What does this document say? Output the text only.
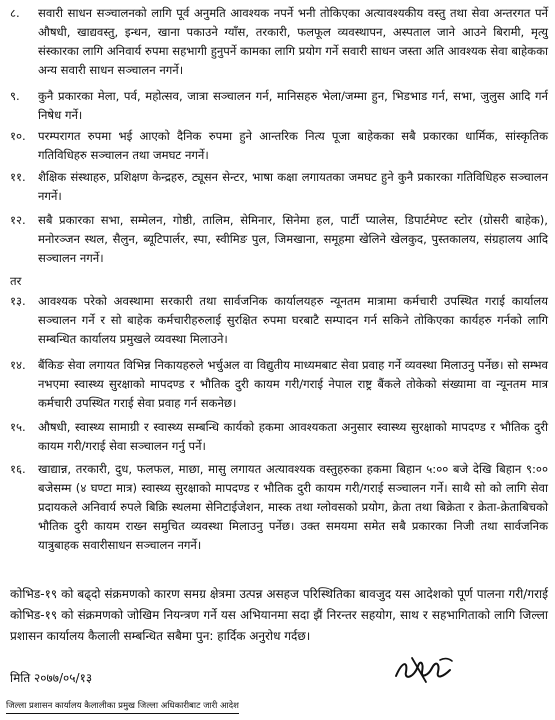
८.	सवारी साधन सञ्चालनको लागि पूर्व अनुमति आवश्यक नपर्ने भनी तोकिएका अत्यावश्यकीय वस्तु तथा सेवा अन्तरगत पर्ने औषधी, खाद्यवस्तु, इन्धन, खाना पकाउने ग्याँस, तरकारी, फलफूल व्यवस्थापन, अस्पताल जाने आउने बिरामी, मृत्यु संस्कारका लागि अनिवार्य रुपमा सहभागी हुनुपर्ने कामका लागि प्रयोग गर्ने सवारी साधन जस्ता अति आवश्यक सेवा बाहेकका अन्य सवारी साधन सञ्चालन नगर्ने।
९.	कुनै प्रकारका मेला, पर्व, महोत्सव, जात्रा सञ्चालन गर्न, मानिसहरु भेला/जम्मा हुन, भिडभाड गर्न, सभा, जुलुस आदि गर्न निषेध गर्ने।
१०.	परम्परागत रुपमा भई आएको दैनिक रुपमा हुने आन्तरिक नित्य पूजा बाहेकका सबै प्रकारका धार्मिक, सांस्कृतिक गतिविधिहरु सञ्चालन तथा जमघट नगर्ने।
११.	शैक्षिक संस्थाहरु, प्रशिक्षण केन्द्रहरु, ट्यूसन सेन्टर, भाषा कक्षा लगायतका जमघट हुने कुनै प्रकारका गतिविधिहरु सञ्चालन नगर्ने।
१२.	सबै प्रकारका सभा, सम्मेलन, गोष्ठी, तालिम, सेमिनार, सिनेमा हल, पार्टी प्यालेस, डिपार्टमेण्ट स्टोर (ग्रोसरी बाहेक), मनोरञ्जन स्थल, सैलुन, ब्यूटिपार्लर, स्पा, स्वीमिङ पुल, जिमखाना, समूहमा खेलिने खेलकुद, पुस्तकालय, संग्रहालय आदि सञ्चालन नगर्ने।
तर
१३.	आवश्यक परेको अवस्थामा सरकारी तथा सार्वजनिक कार्यालयहरु न्यूनतम मात्रामा कर्मचारी उपस्थित गराई कार्यालय सञ्चालन गर्ने र सो बाहेक कर्मचारीहरुलाई सुरक्षित रुपमा घरबाटै सम्पादन गर्न सकिने तोकिएका कार्यहरु गर्नको लागि सम्बन्धित कार्यालय प्रमुखले व्यवस्था मिलाउने।
१४.	बैंकिङ सेवा लगायत विभिन्न निकायहरुले भर्चुअल वा विद्युतीय माध्यमबाट सेवा प्रवाह गर्ने व्यवस्था मिलाउनु पर्नेछ। सो सम्भव नभएमा स्वास्थ्य सुरक्षाको मापदण्ड र भौतिक दुरी कायम गरी/गराई नेपाल राष्ट्र बैंकले तोकेको संख्यामा वा न्यूनतम मात्र कर्मचारी उपस्थित गराई सेवा प्रवाह गर्न सकनेछ।
१५.	औषधी, स्वास्थ्य सामाग्री र स्वास्थ्य सम्बन्धि कार्यको हकमा आवश्यकता अनुसार स्वास्थ्य सुरक्षाको मापदण्ड र भौतिक दुरी कायम गरी/गराई सेवा सञ्चालन गर्नु पर्ने।
१६.	खाद्यान्न, तरकारी, दुध, फलफल, माछा, मासु लगायत अत्यावश्यक वस्तुहरुका हकमा बिहान ५:०० बजे देखि बिहान ९:०० बजेसम्म (४ घण्टा मात्र) स्वास्थ्य सुरक्षाको मापदण्ड र भौतिक दुरी कायम गरी/गराई सञ्चालन गर्ने। साथै सो को लागि सेवा प्रदायकले अनिवार्य रुपले बिक्रि स्थलमा सेनिटाईजेशन, मास्क तथा ग्लोवसको प्रयोग, क्रेता तथा बिक्रेता र क्रेता-क्रेताबिचको भौतिक दुरी कायम राख्न समुचित व्यवस्था मिलाउनु पर्नेछ। उक्त समयमा समेत सबै प्रकारका निजी तथा सार्वजनिक यात्रुबाहक सवारीसाधन सञ्चालन नगर्ने।
कोभिड-१९ को बढ्दो संक्रमणको कारण समग्र क्षेत्रमा उत्पन्न असहज परिस्थितिका बावजुद यस आदेशको पूर्ण पालना गरी/गराई कोभिड-१९ को संक्रमणको जोखिम नियन्त्रण गर्ने यस अभियानमा सदा झैं निरन्तर सहयोग, साथ र सहभागिताको लागि जिल्ला प्रशासन कार्यालय कैलाली सम्बन्धित सबैमा पुन: हार्दिक अनुरोध गर्दछ।
मिति २०७७/०५/१३
जिल्ला प्रशासन कार्यालय कैलालीका प्रमुख जिल्ला अधिकारीबाट जारी आदेश
